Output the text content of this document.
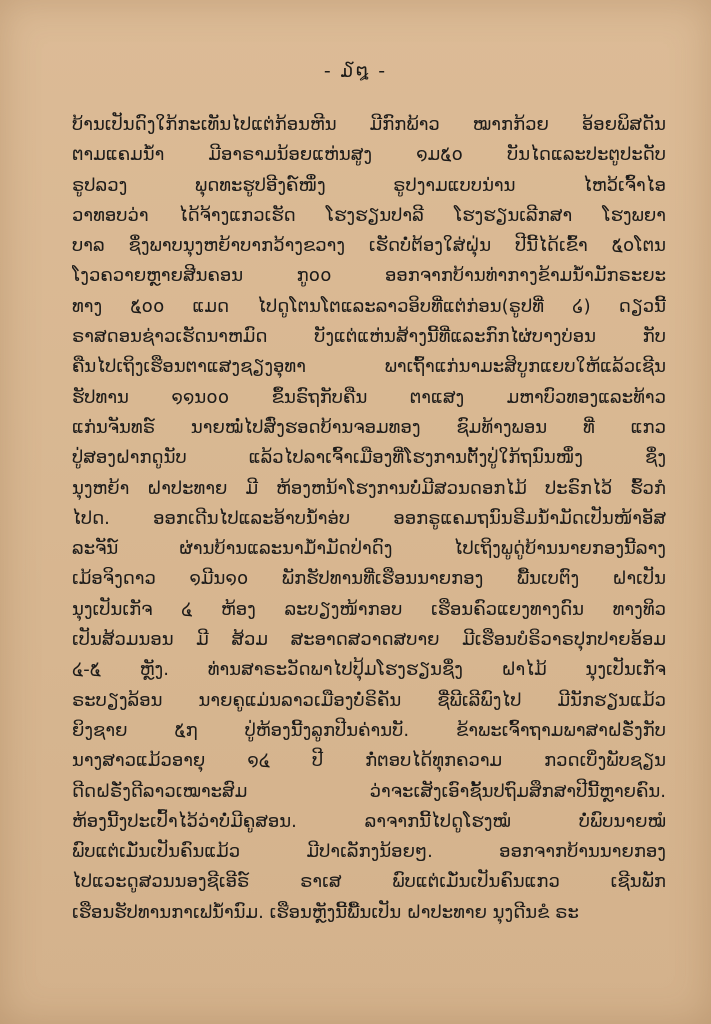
- ໓໘ -
ບ້ານເປັນດົງໃກ້ກະເທັນໄປແຕ່ກ້ອນຫີນ ມີກົກພ້າວ ໝາກກ້ວຍ ອ້ອຍພິສດັນ
ຕາມແຄມນ້ຳ ມີອາຣາມນ້ອຍແຫ່ນສູງ ໑ມ໕໐ ບັນໄດແລະປະຕູປະດັບ
ຣູປລວງ ພຸດທະຮູປອີງຄ໌ໜຶ່ງ ຣູປງາມແບບນ່ານ ໄຫວ້ເຈົ້າໄອ
ວາທອບວ່າ ໄດ້ຈ້າງແກວເຮັດ ໂຮງຮຽນປາລີ ໂຮງຮຽນເລີກສາ ໂຮງພຍາ
ບາລ ຊຶ່ງພາບນຸງຫຍ້າບາກວ້າງຂວາງ ເຮັດບໍ່ຕ້ອງໃສ່ຝຸ່ນ ປີນີ້ໄດ້ເຂົ້າ ໕໐ໂຕນ
ໂງວຄວາຍຫຼາຍສີນຄອນ ກູ໐໐ ອອກຈາກບ້ານທ່າກາງຂ້າມນ້ຳມັກຣະຍະ
ທາງ ໕໐໐ ແມດ ໄປດູໂຕນໂຕແລະລາວອິບທີ່ແຕ່ກ່ອນ(ຣູປທີ່ ໒) ດຽວນີ້
ຣາສດອນຊ່າວເຮັດນາຫມົດ ບັງແຕ່ແຫ່ນສ້າງນີ້ທີ່ແລະກົກໄຜ່ບາງບ່ອນ ກັບ
ຄືນໄປເຖິງເຮືອນຕາແສງຊຽງອຸທາ ພາເຖົ້າແກ່ນາມະສິບູກແຍບໃຫ້ແລ້ວເຊີນ
ຮັປທານ ໑໑ນ໐໐ ຂຶ້ນຣົຖກັບຄືນ ຕາແສງ ມຫາບົວທອງແລະທ້າວ
ແກ່ນຈັນທຣ໌ ນາຍໝໍ່ໄປສົ່ງຮອດບ້ານຈອມທອງ ຊົມທ້າງພອນ ທີ່ ແກວ
ປູ່ສອງຝາກດູນັບ ແລ້ວໄປລາເຈົ້າເມືອງທີ່ໂຮງການຕັ້ງປູ່ໃກ້ຖນົນໜຶ່ງ ຊຶ່ງ
ນຸງຫຍ້າ ຝາປະທາຍ ມີ ຫ້ອງຫນ້າໂຮງການບໍ່ມີສວນດອກໄມ້ ປະຣົກໄວ້ ຮົ້ວກໍ
ໄປດ. ອອກເດີນໄປແລະອ້າບນ້ຳອ່ບ ອອກຣູແຄມຖນົນຣີມນ້ຳມັດເປັນໜ້າອັສ
ລະຈັນ໌ ຜ່ານບ້ານແລະນາມ້ຳມັດປ່າດົງ ໄປເຖິງພູດູ່ບ້ານນາຍກອງນີ້ລາງ
ເມ້ອຈິງດາວ ໑ມີນ໑໐ ພັກຮັປທານທີ່ເຮືອນນາຍກອງ ພື້ນເບຕົງ ຝາເປັນ
ນຸງເປັນເກັຈ ໔ ຫ້ອງ ລະບຽງໜ້າກອບ ເຮືອນຄົວແຍງທາງດົນ ທາງທິວ
ເປັນສ້ວມນອນ ມີ ສ້ວມ ສະອາດສວາດສບາຍ ມີເຮືອນບໍຣິວາຣປຸກປາຍອ້ອມ
໔-໕ ຫຼັງ. ທ່ານສາຣະວັດພາໄປປຸ້ມໂຮງຮຽນຊຶ່ງ ຝາໄມ້ ນຸງເປັນເກັຈ
ຣະບຽງລ້ອນ ນາຍຄູແມ່ນລາວເມືອງບໍ່ຣິຄັນ ຊື່ພີເລີພົງໄປ ມີນັກຮຽນແມ້ວ
ຍິງຊາຍ ໕໗ ປູ່ຫ້ອງນີ້ງລູກປີນຄ່ານບັ. ຂ້າພະເຈົ້າຖາມພາສາຝຣັ່ງກັບ
ນາງສາວແມ້ວອາຍຸ ໑໔ ປີ ກໍ່ຕອບໄດ້ທຸກຄວາມ ກວດເບິ່ງພັບຊຽນ
ດີດຝຣັ່ງດີລາວເໝາະສົມ ວ່າຈະເສັງເອົາຊັ້ນປຖົມສຶກສາປີນີ້ຫຼາຍຄົນ.
ຫ້ອງນີ້ງປະເປົ້າໄວ້ວ່າບໍ່ມີຄູສອນ. ລາຈາກນີ້ໄປດູໂຮງໝໍ ບໍ່ພົບນາຍໝໍ
ພົບແຕ່ເມັ່ນເປັນຄົນແມ້ວ ມີປາເລັກງນ້ອຍໆ. ອອກຈາກບ້ານນາຍກອງ
ໄປແວະດູສວນນອງຊີເອີຣ໌ ຣາເສ ພົບແຕ່ເມັ່ນເປັນຄົນແກວ ເຊີນພັກ
ເຮືອນຮັປທານກາເຟນ້ຳນົມ. ເຮືອນຫຼັງນີ້ພື້ນເປັນ ຝາປະທາຍ ນຸງດີນຂໍ ຣະ
